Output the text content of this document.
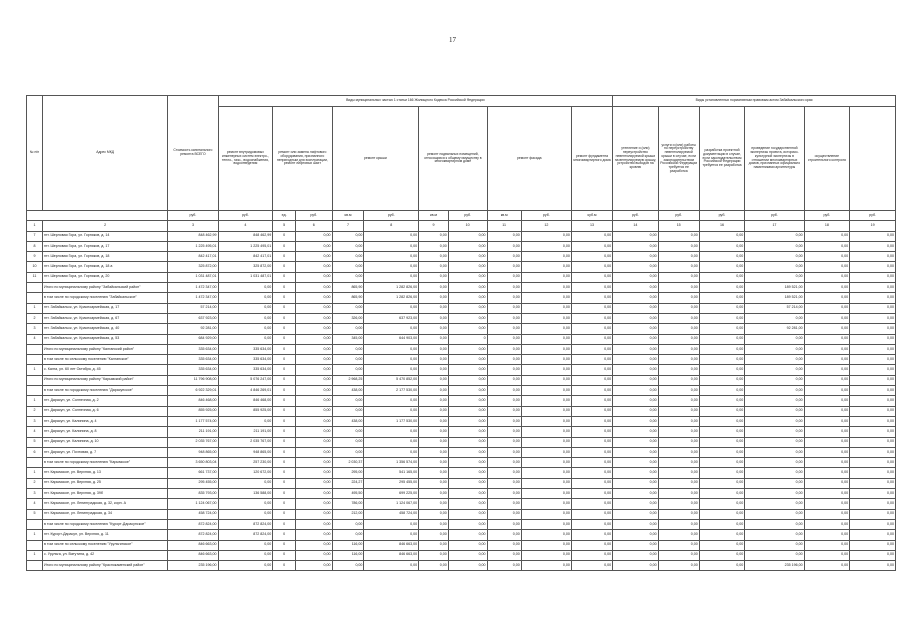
17
№ п/п	Адрес МКД	Стоимость капитального ремонта ВСЕГО	Виды муниципальных частью 1 статьи 166 Жилищного Кодекса Российской Федерации										Виды установленных нормативным правовым актом Забайкальского края					
			ремонт внутридомовых инженерных систем электро-, тепло-, газо-, водоснабжения, водоотведения	ремонт или замена лифтового оборудования, признанного непригодным для эксплуатации, ремонт лифтовых шахт		ремонт крыши		ремонт подвальных помещений, относящихся к общему имуществу в многоквартирном доме		ремонт фасада		ремонт фундамента многоквартирного дома	утепление и (или) переустройство невентилируемой крыши на вентилируемую крышу, устройство выходов на кровлю	услуги и (или) работы по переустройству невентилируемой крыши в случае, если законодательством Российской Федерации требуется ее разработка	разработка проектной документации в случае, если законодательством Российской Федерации требуется ее разработка	проведение государственной экспертизы проекта, историко-культурной экспертизы в отношении многоквартирных домов, признанных официально памятниками архитектуры	осуществление строительного контроля	
		руб.	руб.	ед.	руб.	кв.м	руб.	кв.м	руб.	кв.м	руб.	куб.м	руб.	руб.	руб.	руб.	руб.	руб.
1	2	3	4	5	6	7	8	9	10	11	12	13	14	15	16	17	18	19
7	пгт. Шерловая Гора, ул. Горняков, д. 14	848 462,99	848 462,99	0	0,00	0,00	0,00	0,00	0,00	0,00	0,00	0,00	0,00	0,00	0,00	0,00	0,00	0,00
8	пгт. Шерловая Гора, ул. Горняков, д. 17	1 225 495,01	1 225 495,01	0	0,00	0,00	0,00	0,00	0,00	0,00	0,00	0,00	0,00	0,00	0,00	0,00	0,00	0,00
9	пгт. Шерловая Гора, ул. Горняков, д. 18	842 417,01	842 417,01	0	0,00	0,00	0,00	0,00	0,00	0,00	0,00	0,00	0,00	0,00	0,00	0,00	0,00	0,00
10	пгт. Шерловая Гора, ул. Горняков, д. 18 а	325 872,00	325 872,00	0	0,00	0,00	0,00	0,00	0,00	0,00	0,00	0,00	0,00	0,00	0,00	0,00	0,00	0,00
11	пгт. Шерловая Гора, ул. Горняков, д. 20	1 031 487,01	1 031 487,01	0	0,00	0,00	0,00	0,00	0,00	0,00	0,00	0,00	0,00	0,00	0,00	0,00	0,00	0,00
	Итого по муниципальному району "Забайкальский район"	1 472 347,00	0,00	0	0,00	865,90	1 282 826,00	0,00	0,00	0,00	0,00	0,00	0,00	0,00	0,00	189 521,00	0,00	0,00
	в том числе по городскому поселению "Забайкальское"	1 472 347,00	0,00	0	0,00	865,90	1 282 826,00	0,00	0,00	0,00	0,00	0,00	0,00	0,00	0,00	189 521,00	0,00	0,00
1	пгт. Забайкальск, ул. Красноармейская, д. 17	57 214,00	0,00	0	0,00	0,00	0,00	0,00	0,00	0,00	0,00	0,00	0,00	0,00	0,00	57 214,00	0,00	0,00
2	пгт. Забайкальск, ул. Красноармейская, д. 67	637 923,00	0,00	0	0,00	326,00	637 923,00	0,00	0,00	0,00	0,00	0,00	0,00	0,00	0,00	0,00	0,00	0,00
3	пгт. Забайкальск, ул. Красноармейская, д. 40	92 281,00	0,00	0	0,00	0,00	0,00	0,00	0,00	0,00	0,00	0,00	0,00	0,00	0,00	92 281,00	0,00	0,00
4	пгт. Забайкальск, ул. Красноармейская, д. 53	684 929,00	0,00	0	0,00	345,00	644 903,00	0,00	0	0,00	0,00	0,00	0,00	0,00	0,00	0,00	0,00	0,00
	Итого по муниципальному району "Калганский район"	335 634,00	335 634,00	0	0,00	0,00	0,00	0,00	0,00	0,00	0,00	0,00	0,00	0,00	0,00	0,00	0,00	0,00
	в том числе по сельскому поселению "Калганское"	335 634,00	335 634,00	0	0,00	0,00	0,00	0,00	0,00	0,00	0,00	0,00	0,00	0,00	0,00	0,00	0,00	0,00
1	с. Калга, ул. 60 лет Октября, д. 45	335 634,00	335 634,00	0	0,00	0,00	0,00	0,00	0,00	0,00	0,00	0,00	0,00	0,00	0,00	0,00	0,00	0,00
	Итого по муниципальному району "Карымский район"	11 796 908,00	5 076 247,00	0	0,00	2 968,25	5 470 852,00	0,00	0,00	0,00	0,00	0,00	0,00	0,00	0,00	0,00	0,00	0,00
	в том числе по городскому поселению "Дарасунское"	6 922 329,01	4 846 269,01	0	0,00	438,00	2 177 530,00	0,00	0,00	0,00	0,00	0,00	0,00	0,00	0,00	0,00	0,00	0,00
1	пгт. Дарасун, ул. Солнечная, д. 2	846 468,00	846 468,00	0	0,00	0,00	0,00	0,00	0,00	0,00	0,00	0,00	0,00	0,00	0,00	0,00	0,00	0,00
2	пгт. Дарасун, ул. Солнечная, д. 6	855 925,00	855 925,00	0	0,00	0,00	0,00	0,00	0,00	0,00	0,00	0,00	0,00	0,00	0,00	0,00	0,00	0,00
3	пгт. Дарасун, ул. Калинина, д. 4	1 177 574,00	0,00	0	0,00	438,00	1 177 530,00	0,00	0,00	0,00	0,00	0,00	0,00	0,00	0,00	0,00	0,00	0,00
4	пгт. Дарасун, ул. Калинина, д. 8	211 191,00	211 191,00	0	0,00	0,00	0,00	0,00	0,00	0,00	0,00	0,00	0,00	0,00	0,00	0,00	0,00	0,00
5	пгт. Дарасун, ул. Калинина, д. 10	2 035 767,00	2 035 767,00	0	0,00	0,00	0,00	0,00	0,00	0,00	0,00	0,00	0,00	0,00	0,00	0,00	0,00	0,00
6	пгт. Дарасун, ул. Почтовая, д. 7	948 865,00	948 865,00	0	0,00	0,00	0,00	0,00	0,00	0,00	0,00	0,00	0,00	0,00	0,00	0,00	0,00	0,00
	в том числе по городскому поселению "Карымское"	3 650 803,04	257 230,00	0	0,00	2 030,37	1 356 574,00	0,00	0,00	0,00	0,00	0,00	0,00	0,00	0,00	0,00	0,00	0,00
1	пгт. Карымское, ул. Верхняя, д. 13	661 737,00	120 672,00	0	0,00	295,00	541 165,00	0,00	0,00	0,00	0,00	0,00	0,00	0,00	0,00	0,00	0,00	0,00
2	пгт. Карымское, ул. Верхняя, д. 25	295 455,00	0,00	0	0,00	224,27	295 455,00	0,00	0,00	0,00	0,00	0,00	0,00	0,00	0,00	0,00	0,00	0,00
3	пгт. Карымское, ул. Верхняя, д. 39б	835 793,00	136 588,00	0	0,00	495,50	699 225,00	0,00	0,00	0,00	0,00	0,00	0,00	0,00	0,00	0,00	0,00	0,00
4	пгт. Карымское, ул. Ленинградская, д. 32, корп. А	1 124 067,00	0,00	0	0,00	786,00	1 124 067,00	0,00	0,00	0,00	0,00	0,00	0,00	0,00	0,00	0,00	0,00	0,00
5	пгт. Карымское, ул. Ленинградская, д. 34	458 724,00	0,00	0	0,00	212,00	458 724,00	0,00	0,00	0,00	0,00	0,00	0,00	0,00	0,00	0,00	0,00	0,00
	в том числе по городскому поселению "Курорт-Дарасунское"	872 824,00	872 824,00	0	0,00	0,00	0,00	0,00	0,00	0,00	0,00	0,00	0,00	0,00	0,00	0,00	0,00	0,00
1	пгт. Курорт-Дарасун, ул. Верхняя, д. 11	872 824,00	872 824,00	0	0,00	0,00	0,00	0,00	0,00	0,00	0,00	0,00	0,00	0,00	0,00	0,00	0,00	0,00
	в том числе по сельскому поселению "Урульгинское"	846 663,00	0,00	0	0,00	116,00	846 663,00	0,00	0,00	0,00	0,00	0,00	0,00	0,00	0,00	0,00	0,00	0,00
1	с. Урульга, ул. Ватутина, д. 42	846 663,00	0,00	0	0,00	116,00	846 663,00	0,00	0,00	0,00	0,00	0,00	0,00	0,00	0,00	0,00	0,00	0,00
	Итого по муниципальному району "Краснокаменский район"	235 196,00	0,00	0	0,00	0,00	0,00	0,00	0,00	0,00	0,00	0,00	0,00	0,00	0,00	235 196,00	0,00	0,00
